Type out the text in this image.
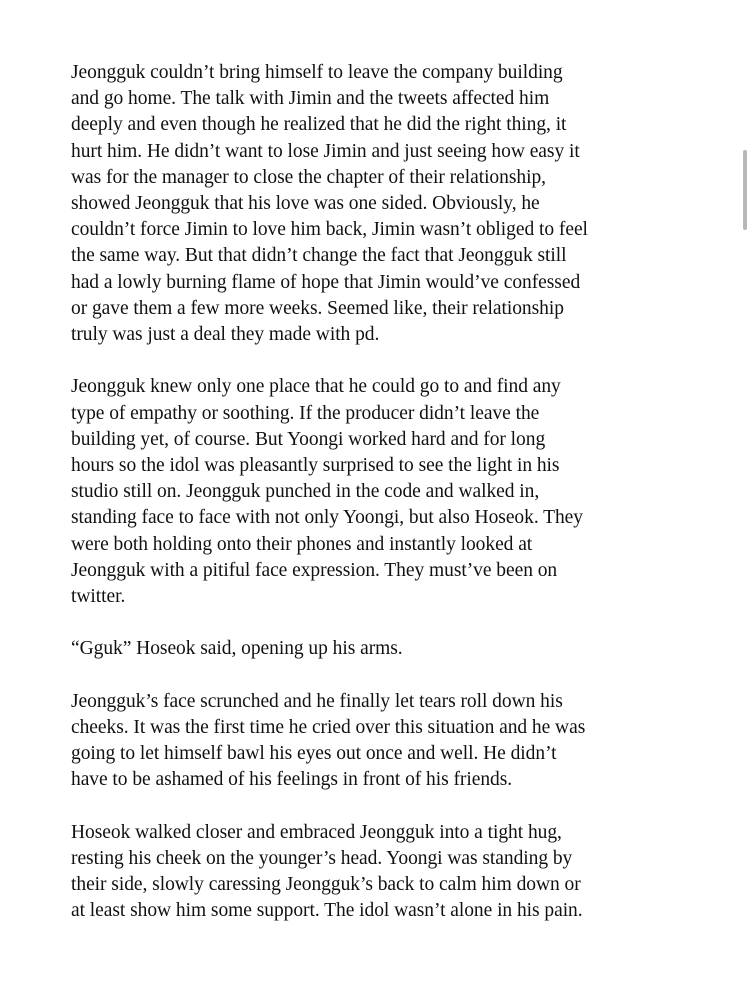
Jeongguk couldn’t bring himself to leave the company building
and go home. The talk with Jimin and the tweets affected him
deeply and even though he realized that he did the right thing, it
hurt him. He didn’t want to lose Jimin and just seeing how easy it
was for the manager to close the chapter of their relationship,
showed Jeongguk that his love was one sided. Obviously, he
couldn’t force Jimin to love him back, Jimin wasn’t obliged to feel
the same way. But that didn’t change the fact that Jeongguk still
had a lowly burning flame of hope that Jimin would’ve confessed
or gave them a few more weeks. Seemed like, their relationship
truly was just a deal they made with pd.

Jeongguk knew only one place that he could go to and find any
type of empathy or soothing. If the producer didn’t leave the
building yet, of course. But Yoongi worked hard and for long
hours so the idol was pleasantly surprised to see the light in his
studio still on. Jeongguk punched in the code and walked in,
standing face to face with not only Yoongi, but also Hoseok. They
were both holding onto their phones and instantly looked at
Jeongguk with a pitiful face expression. They must’ve been on
twitter.

“Gguk” Hoseok said, opening up his arms.

Jeongguk’s face scrunched and he finally let tears roll down his
cheeks. It was the first time he cried over this situation and he was
going to let himself bawl his eyes out once and well. He didn’t
have to be ashamed of his feelings in front of his friends.

Hoseok walked closer and embraced Jeongguk into a tight hug,
resting his cheek on the younger’s head. Yoongi was standing by
their side, slowly caressing Jeongguk’s back to calm him down or
at least show him some support. The idol wasn’t alone in his pain.
